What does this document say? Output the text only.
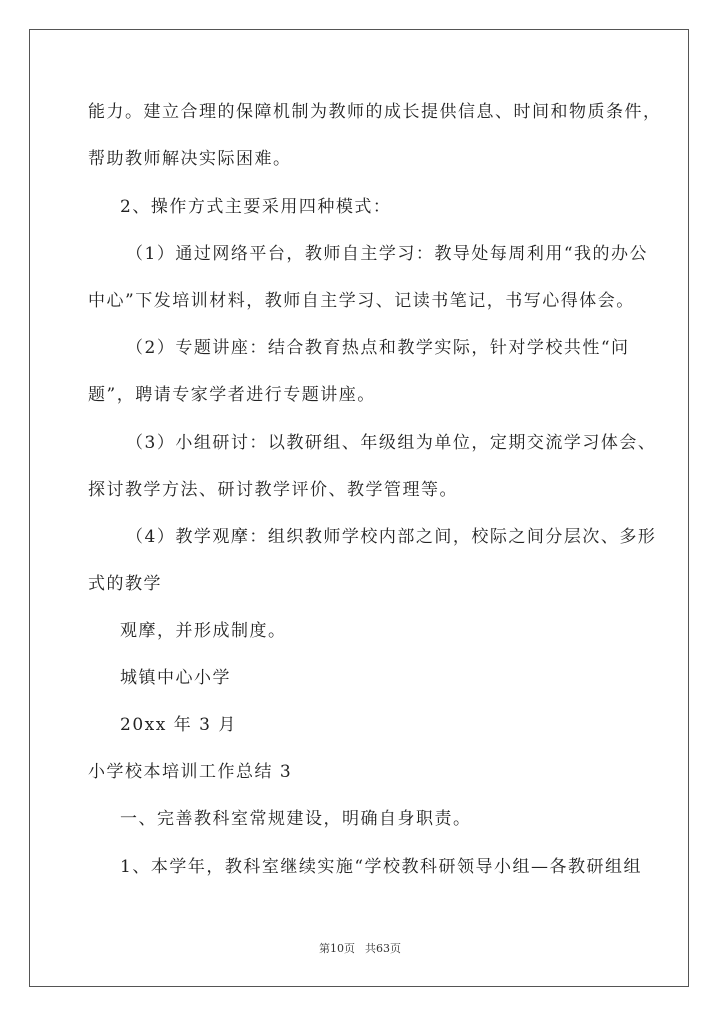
能力。建立合理的保障机制为教师的成长提供信息、时间和物质条件，
帮助教师解决实际困难。
2、操作方式主要采用四种模式：
（1）通过网络平台，教师自主学习：教导处每周利用“我的办公
中心”下发培训材料，教师自主学习、记读书笔记，书写心得体会。
（2）专题讲座：结合教育热点和教学实际，针对学校共性“问
题”，聘请专家学者进行专题讲座。
（3）小组研讨：以教研组、年级组为单位，定期交流学习体会、
探讨教学方法、研讨教学评价、教学管理等。
（4）教学观摩：组织教师学校内部之间，校际之间分层次、多形
式的教学
观摩，并形成制度。
城镇中心小学
20xx 年 3 月
小学校本培训工作总结 3
一、完善教科室常规建设，明确自身职责。
1、本学年，教科室继续实施“学校教科研领导小组—各教研组组
第10页 共63页
